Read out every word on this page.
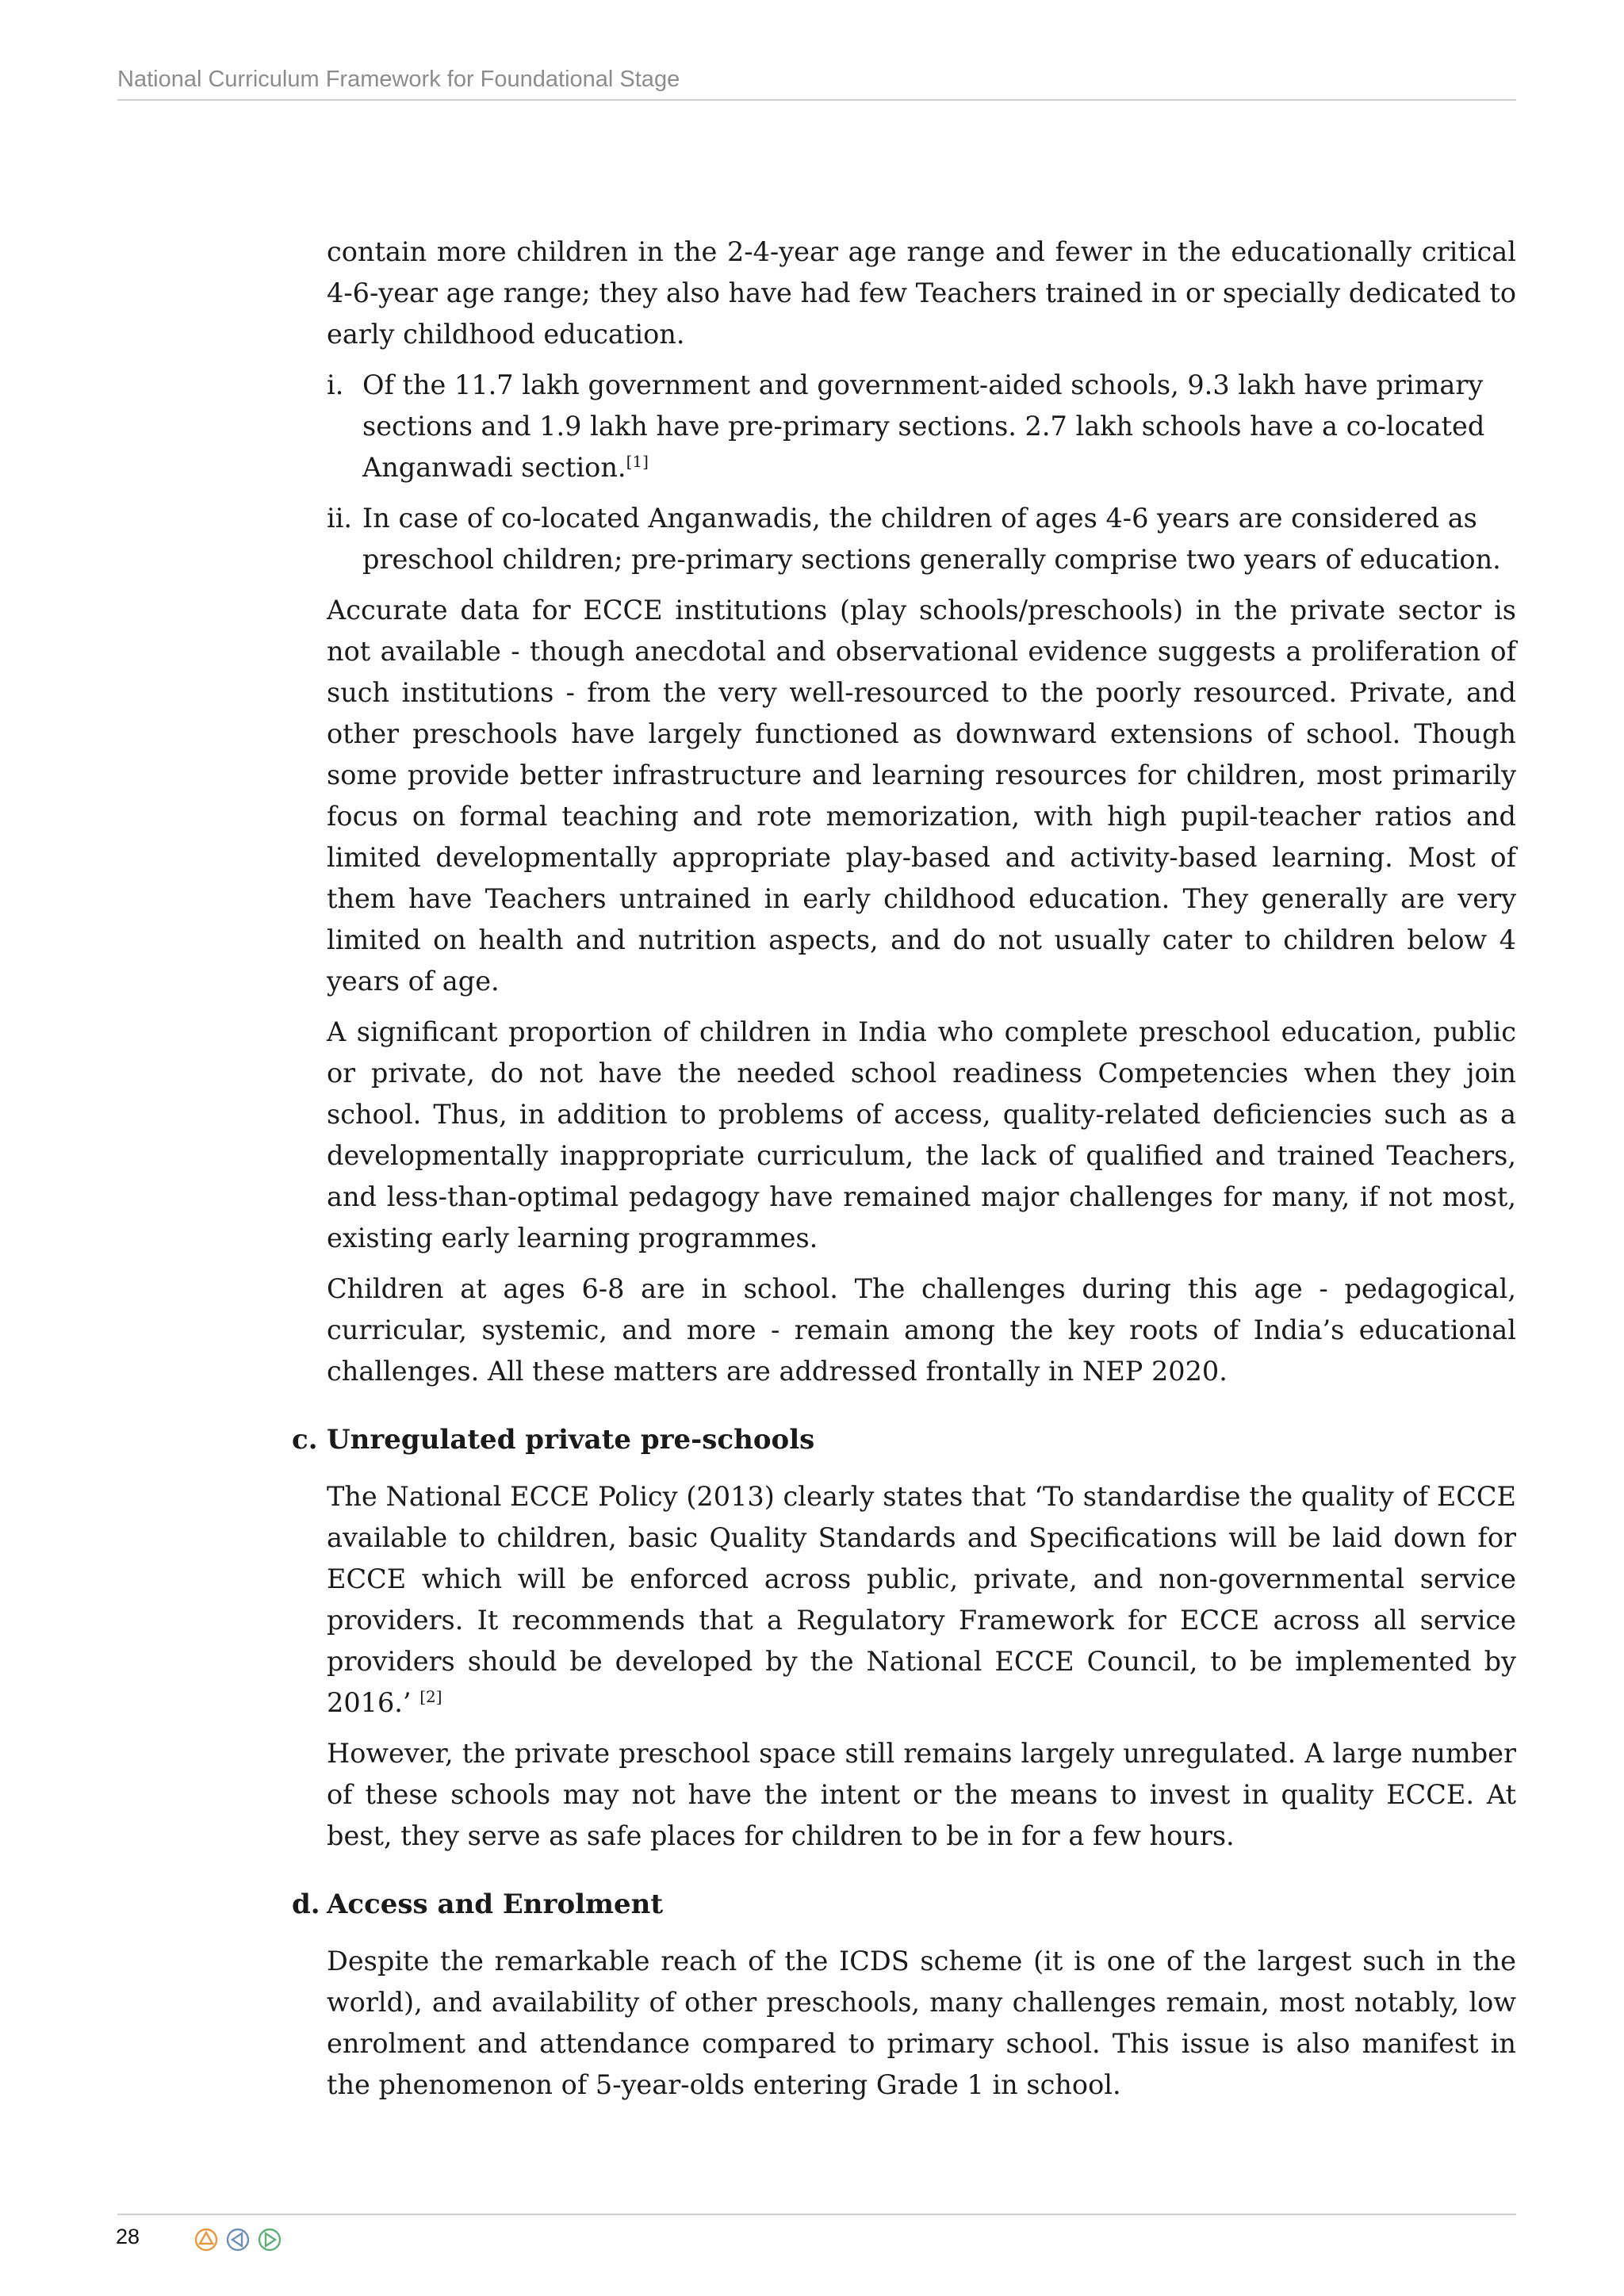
National Curriculum Framework for Foundational Stage

contain more children in the 2-4-year age range and fewer in the educationally critical 4-6-year age range; they also have had few Teachers trained in or specially dedicated to early childhood education.

i. Of the 11.7 lakh government and government-aided schools, 9.3 lakh have primary sections and 1.9 lakh have pre-primary sections. 2.7 lakh schools have a co-located Anganwadi section.[1]
ii. In case of co-located Anganwadis, the children of ages 4-6 years are considered as preschool children; pre-primary sections generally comprise two years of education.

Accurate data for ECCE institutions (play schools/preschools) in the private sector is not available - though anecdotal and observational evidence suggests a proliferation of such institutions - from the very well-resourced to the poorly resourced. Private, and other preschools have largely functioned as downward extensions of school. Though some provide better infrastructure and learning resources for children, most primarily focus on formal teaching and rote memorization, with high pupil-teacher ratios and limited developmentally appropriate play-based and activity-based learning. Most of them have Teachers untrained in early childhood education. They generally are very limited on health and nutrition aspects, and do not usually cater to children below 4 years of age.

A significant proportion of children in India who complete preschool education, public or private, do not have the needed school readiness Competencies when they join school. Thus, in addition to problems of access, quality-related deficiencies such as a developmentally inappropriate curriculum, the lack of qualified and trained Teachers, and less-than-optimal pedagogy have remained major challenges for many, if not most, existing early learning programmes.

Children at ages 6-8 are in school. The challenges during this age - pedagogical, curricular, systemic, and more - remain among the key roots of India’s educational challenges. All these matters are addressed frontally in NEP 2020.

c. Unregulated private pre-schools

The National ECCE Policy (2013) clearly states that ‘To standardise the quality of ECCE available to children, basic Quality Standards and Specifications will be laid down for ECCE which will be enforced across public, private, and non-governmental service providers. It recommends that a Regulatory Framework for ECCE across all service providers should be developed by the National ECCE Council, to be implemented by 2016.’ [2]

However, the private preschool space still remains largely unregulated. A large number of these schools may not have the intent or the means to invest in quality ECCE. At best, they serve as safe places for children to be in for a few hours.

d. Access and Enrolment

Despite the remarkable reach of the ICDS scheme (it is one of the largest such in the world), and availability of other preschools, many challenges remain, most notably, low enrolment and attendance compared to primary school. This issue is also manifest in the phenomenon of 5-year-olds entering Grade 1 in school.

28
